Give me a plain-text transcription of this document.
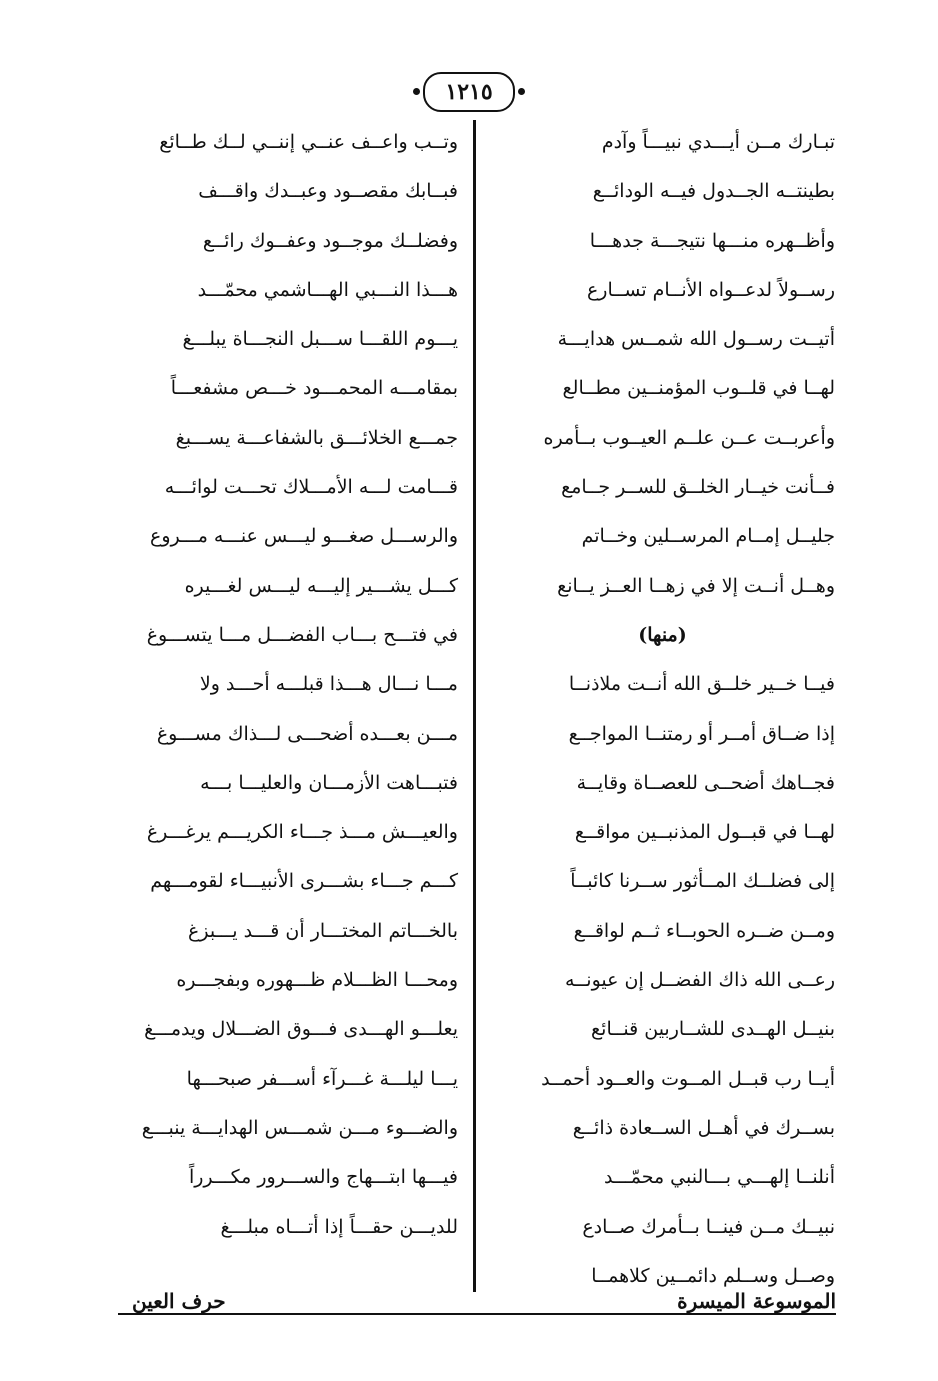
١٢١٥
تبـارك مــن أيـــدي نبيـــاً وآدم
بطينتــه الجــدول فيــه الودائــع
وأظــهره منـــها نتيجـــة جدهـــا
رســولاً لدعــواه الأنــام تســارع
أتيــت رســول الله شمــس هدايـــة
لهــا في قلــوب المؤمنــين مطــالع
وأعربــت عــن علــم العيــوب بــأمره
فــأنت خيــار الخلــق للســر جــامع
جليــل إمــام المرســلين وخــاتم
وهــل أنــت إلا في زهــا العــز يــانع
(منها)
فيــا خــير خلــق الله أنــت ملاذنــا
إذا ضــاق أمــر أو رمتنــا المواجــع
فجــاهك أضحــى للعصــاة وقايــة
لهــا في قبــول المذنبــين مواقــع
إلى فضلــك المــأثور ســرنا كائبــاً
ومــن ضــره الحوبــاء ثــم لواقــع
رعــى الله ذاك الفضــل إن عيونــه
بنيــل الهــدى للشــاربين قنــائع
أيــا رب قبــل المــوت والعــود أحمــد
بســرك في أهــل الســعادة ذائــع
أنلنــا إلهـــي بـــالنبي محمّـــد
نبيــك مــن فينــا بــأمرك صــادع
وصــل وســلم دائمــين كلاهمــا
وتــب واعــف عنــي إننــي لــك طــائع
فبــابك مقصــود وعبــدك واقـــف
وفضلــك موجــود وعفــوك رائــع
هـــذا النـــبي الهـــاشمي محمّـــد
يـــوم اللقـــا ســـبل النجـــاة يبلـــغ
بمقامـــه المحمـــود خـــص مشفعـــاً
جمـــع الخلائـــق بالشفاعـــة يســـبغ
قـــامت لـــه الأمـــلاك تحـــت لوائـــه
والرســـل صغـــو ليـــس عنـــه مـــروع
كـــل يشـــير إليـــه ليـــس لغـــيره
في فتـــح بـــاب الفضـــل مـــا يتســـوغ
مـــا نـــال هـــذا قبلـــه أحـــد ولا
مـــن بعـــده أضحـــى لـــذاك مســـوغ
فتبـــاهت الأزمـــان والعليـــا بـــه
والعيـــش مـــذ جـــاء الكريـــم يرغـــرغ
كـــم جـــاء بشـــرى الأنبيـــاء لقومـــهم
بالخـــاتم المختـــار أن قـــد يـــبزغ
ومحـــا الظـــلام ظـــهوره وبفجـــره
يعلـــو الهـــدى فـــوق الضـــلال ويدمـــغ
يـــا ليلـــة غـــرآء أســـفر صبحـــها
والضـــوء مـــن شمـــس الهدايـــة ينبـــع
فيـــها ابتـــهاج والســـرور مكـــرراً
للديـــن حقـــاً إذا أتـــاه مبلـــغ
الموسوعة الميسرة
حرف العين
